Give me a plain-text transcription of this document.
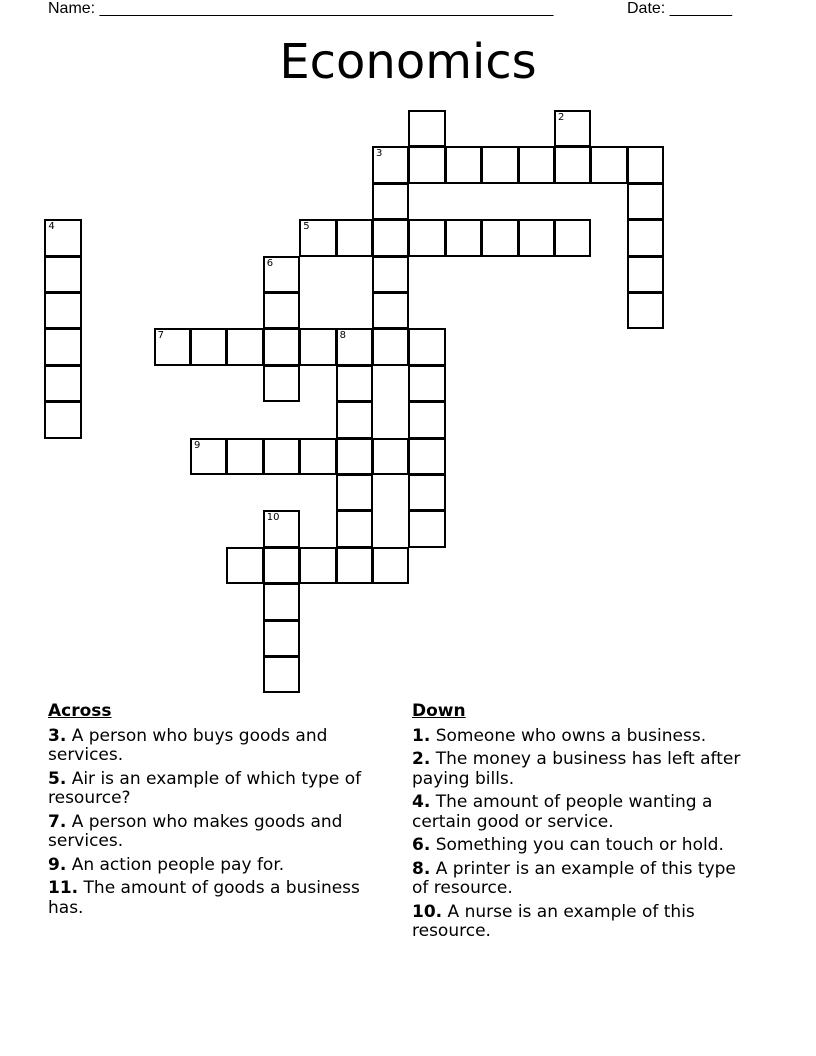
Name: ___________________________________________________	Date: _______
Economics
2
3
4	5
6
7	8
9
10
Across
3. A person who buys goods and services.
5. Air is an example of which type of resource?
7. A person who makes goods and services.
9. An action people pay for.
11. The amount of goods a business has.
Down
1. Someone who owns a business.
2. The money a business has left after paying bills.
4. The amount of people wanting a certain good or service.
6. Something you can touch or hold.
8. A printer is an example of this type of resource.
10. A nurse is an example of this resource.
